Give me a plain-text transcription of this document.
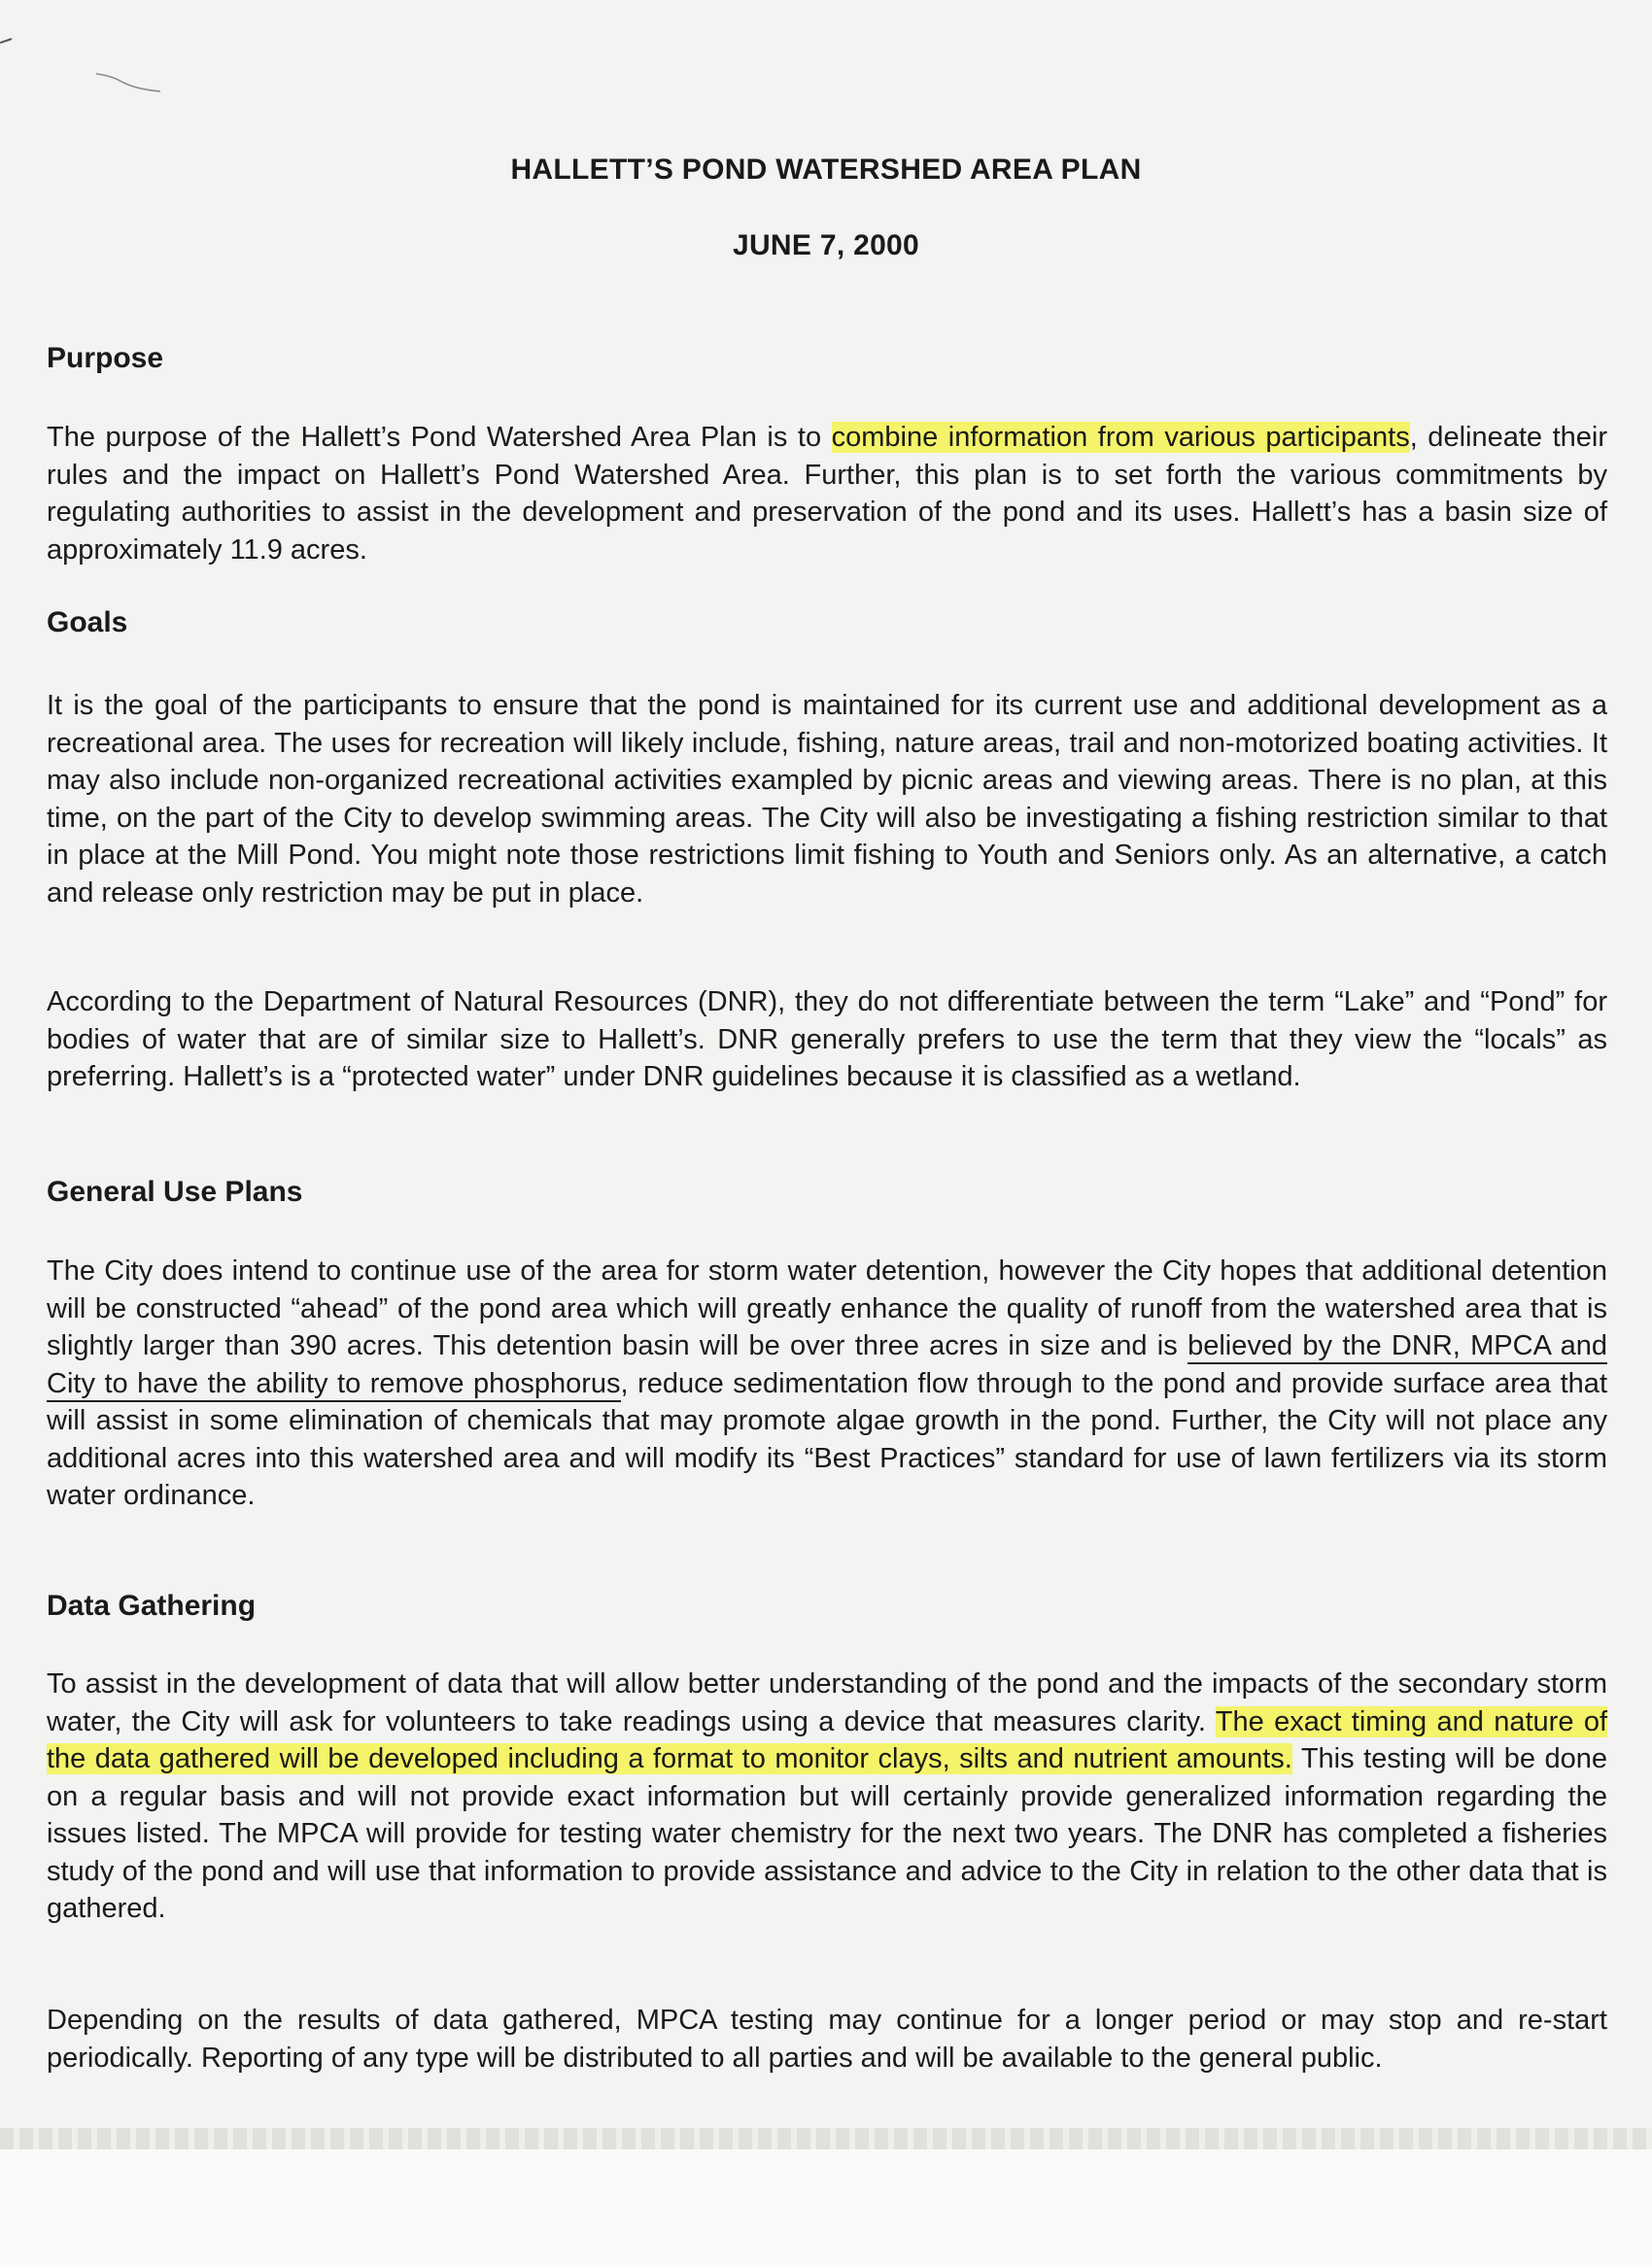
HALLETT’S POND WATERSHED AREA PLAN
JUNE 7, 2000
Purpose
The purpose of the Hallett’s Pond Watershed Area Plan is to combine information from various participants, delineate their rules and the impact on Hallett’s Pond Watershed Area. Further, this plan is to set forth the various commitments by regulating authorities to assist in the development and preservation of the pond and its uses. Hallett’s has a basin size of approximately 11.9 acres.
Goals
It is the goal of the participants to ensure that the pond is maintained for its current use and additional development as a recreational area. The uses for recreation will likely include, fishing, nature areas, trail and non-motorized boating activities. It may also include non-organized recreational activities exampled by picnic areas and viewing areas. There is no plan, at this time, on the part of the City to develop swimming areas. The City will also be investigating a fishing restriction similar to that in place at the Mill Pond. You might note those restrictions limit fishing to Youth and Seniors only. As an alternative, a catch and release only restriction may be put in place.
According to the Department of Natural Resources (DNR), they do not differentiate between the term “Lake” and “Pond” for bodies of water that are of similar size to Hallett’s. DNR generally prefers to use the term that they view the “locals” as preferring. Hallett’s is a “protected water” under DNR guidelines because it is classified as a wetland.
General Use Plans
The City does intend to continue use of the area for storm water detention, however the City hopes that additional detention will be constructed “ahead” of the pond area which will greatly enhance the quality of runoff from the watershed area that is slightly larger than 390 acres. This detention basin will be over three acres in size and is believed by the DNR, MPCA and City to have the ability to remove phosphorus, reduce sedimentation flow through to the pond and provide surface area that will assist in some elimination of chemicals that may promote algae growth in the pond. Further, the City will not place any additional acres into this watershed area and will modify its “Best Practices” standard for use of lawn fertilizers via its storm water ordinance.
Data Gathering
To assist in the development of data that will allow better understanding of the pond and the impacts of the secondary storm water, the City will ask for volunteers to take readings using a device that measures clarity. The exact timing and nature of the data gathered will be developed including a format to monitor clays, silts and nutrient amounts. This testing will be done on a regular basis and will not provide exact information but will certainly provide generalized information regarding the issues listed. The MPCA will provide for testing water chemistry for the next two years. The DNR has completed a fisheries study of the pond and will use that information to provide assistance and advice to the City in relation to the other data that is gathered.
Depending on the results of data gathered, MPCA testing may continue for a longer period or may stop and re-start periodically. Reporting of any type will be distributed to all parties and will be available to the general public.
